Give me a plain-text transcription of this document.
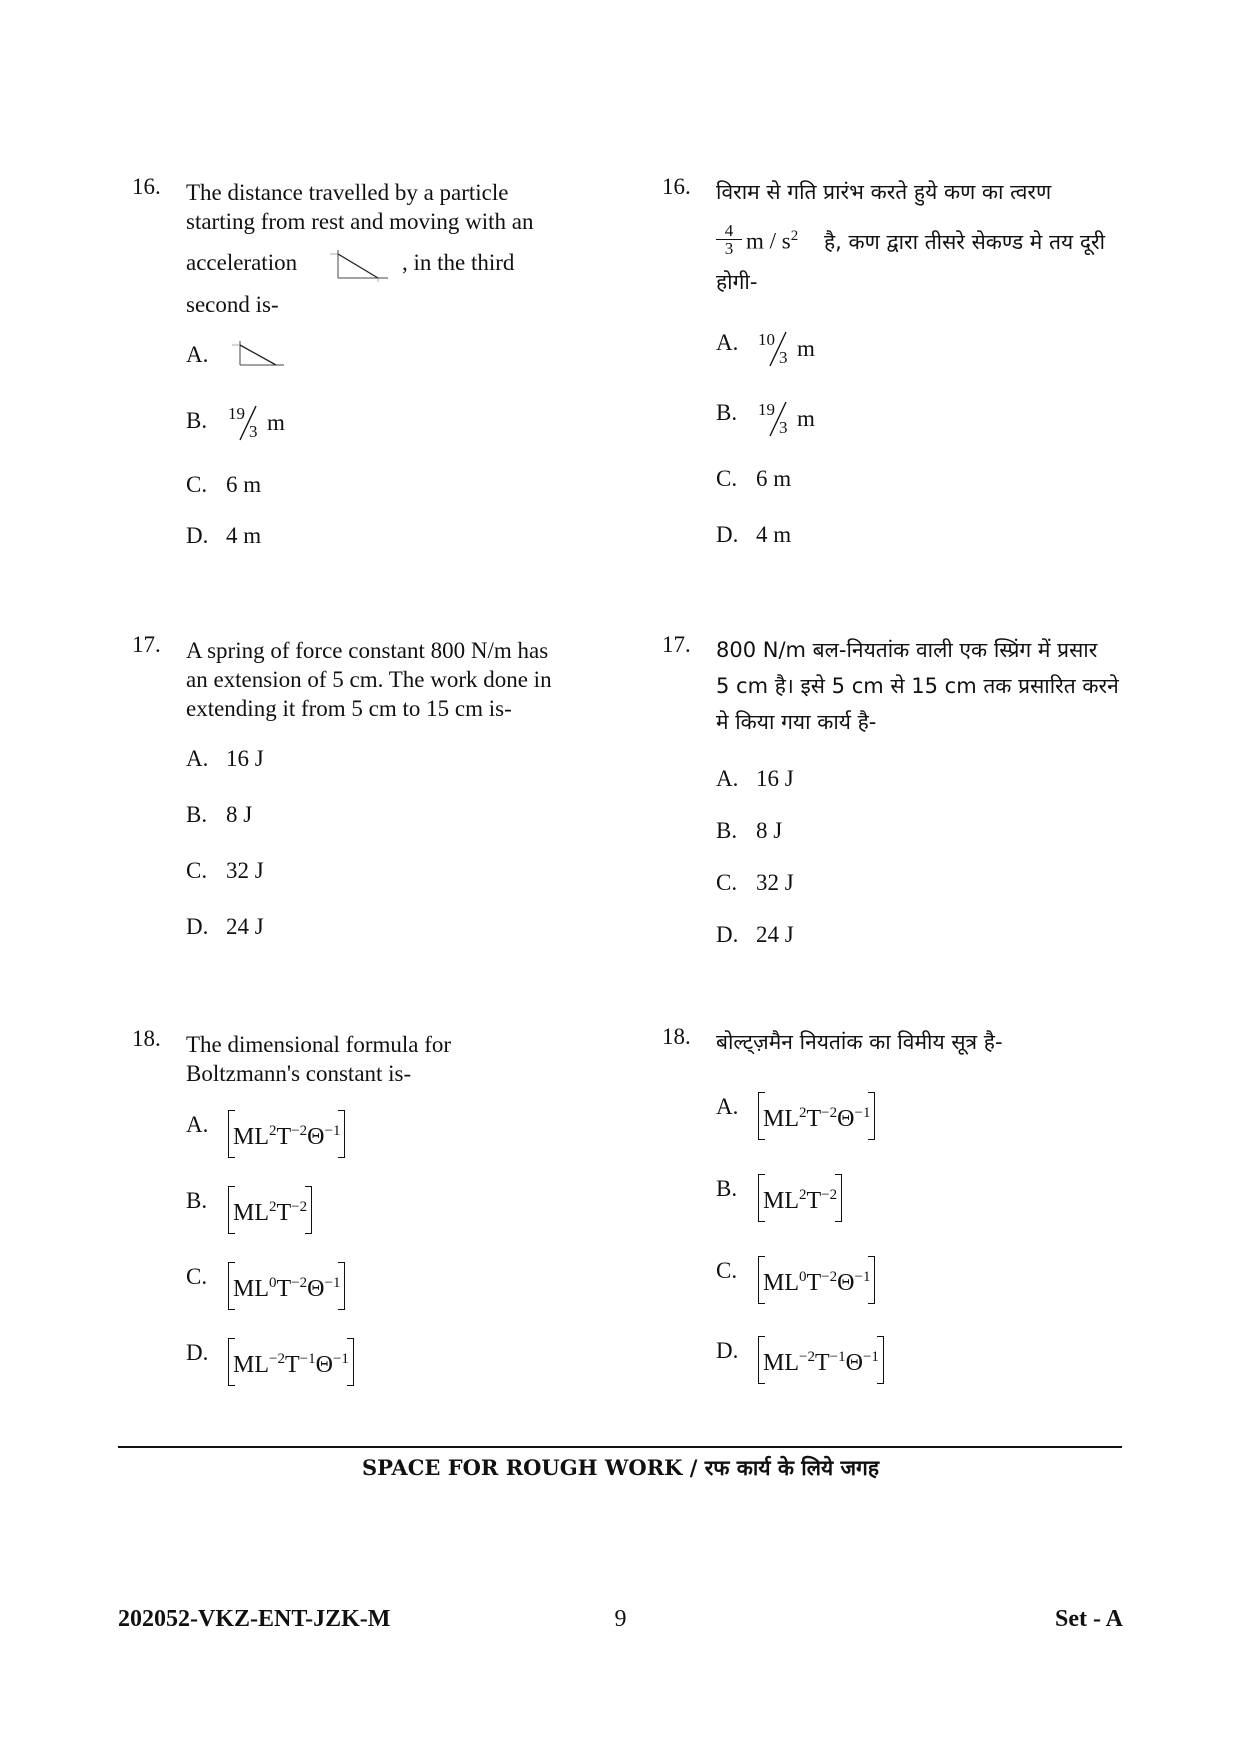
16. The distance travelled by a particle
starting from rest and moving with an
acceleration	, in the third
second is-
A.
B. 19
3 m
C. 6 m
D. 4 m
16. विराम से गति प्रारंभ करते हुये कण का त्वरण
$\frac{4}{3}$ m / $s^2$ है, कण द्वारा तीसरे सेकण्ड मे तय दूरी
होगी-
A. 10
3 m
B. 19
3 m
C. 6 m
D. 4 m
17. A spring of force constant 800 N/m has
an extension of 5 cm. The work done in
extending it from 5 cm to 15 cm is-
A. 16 J
B. 8 J
C. 32 J
D. 24 J
17. 800 N/m बल-नियतांक वाली एक स्प्रिंग में प्रसार
5 cm है। इसे 5 cm से 15 cm तक प्रसारित करने
मे किया गया कार्य है-
A. 16 J
B. 8 J
C. 32 J
D. 24 J
18. The dimensional formula for
Boltzmann's constant is-
A. $ML^2T^{-2}\Theta^{-1}$
B. $ML^2T^{-2}$
C. $ML^0T^{-2}\Theta^{-1}$
D. $ML^{-2}T^{-1}\Theta^{-1}$
18. बोल्ट्ज़मैन नियतांक का विमीय सूत्र है-
A. $ML^2T^{-2}\Theta^{-1}$
B. $ML^2T^{-2}$
C. $ML^0T^{-2}\Theta^{-1}$
D. $ML^{-2}T^{-1}\Theta^{-1}$
SPACE FOR ROUGH WORK / रफ कार्य के लिये जगह
202052-VKZ-ENT-JZK-M	9	Set - A
